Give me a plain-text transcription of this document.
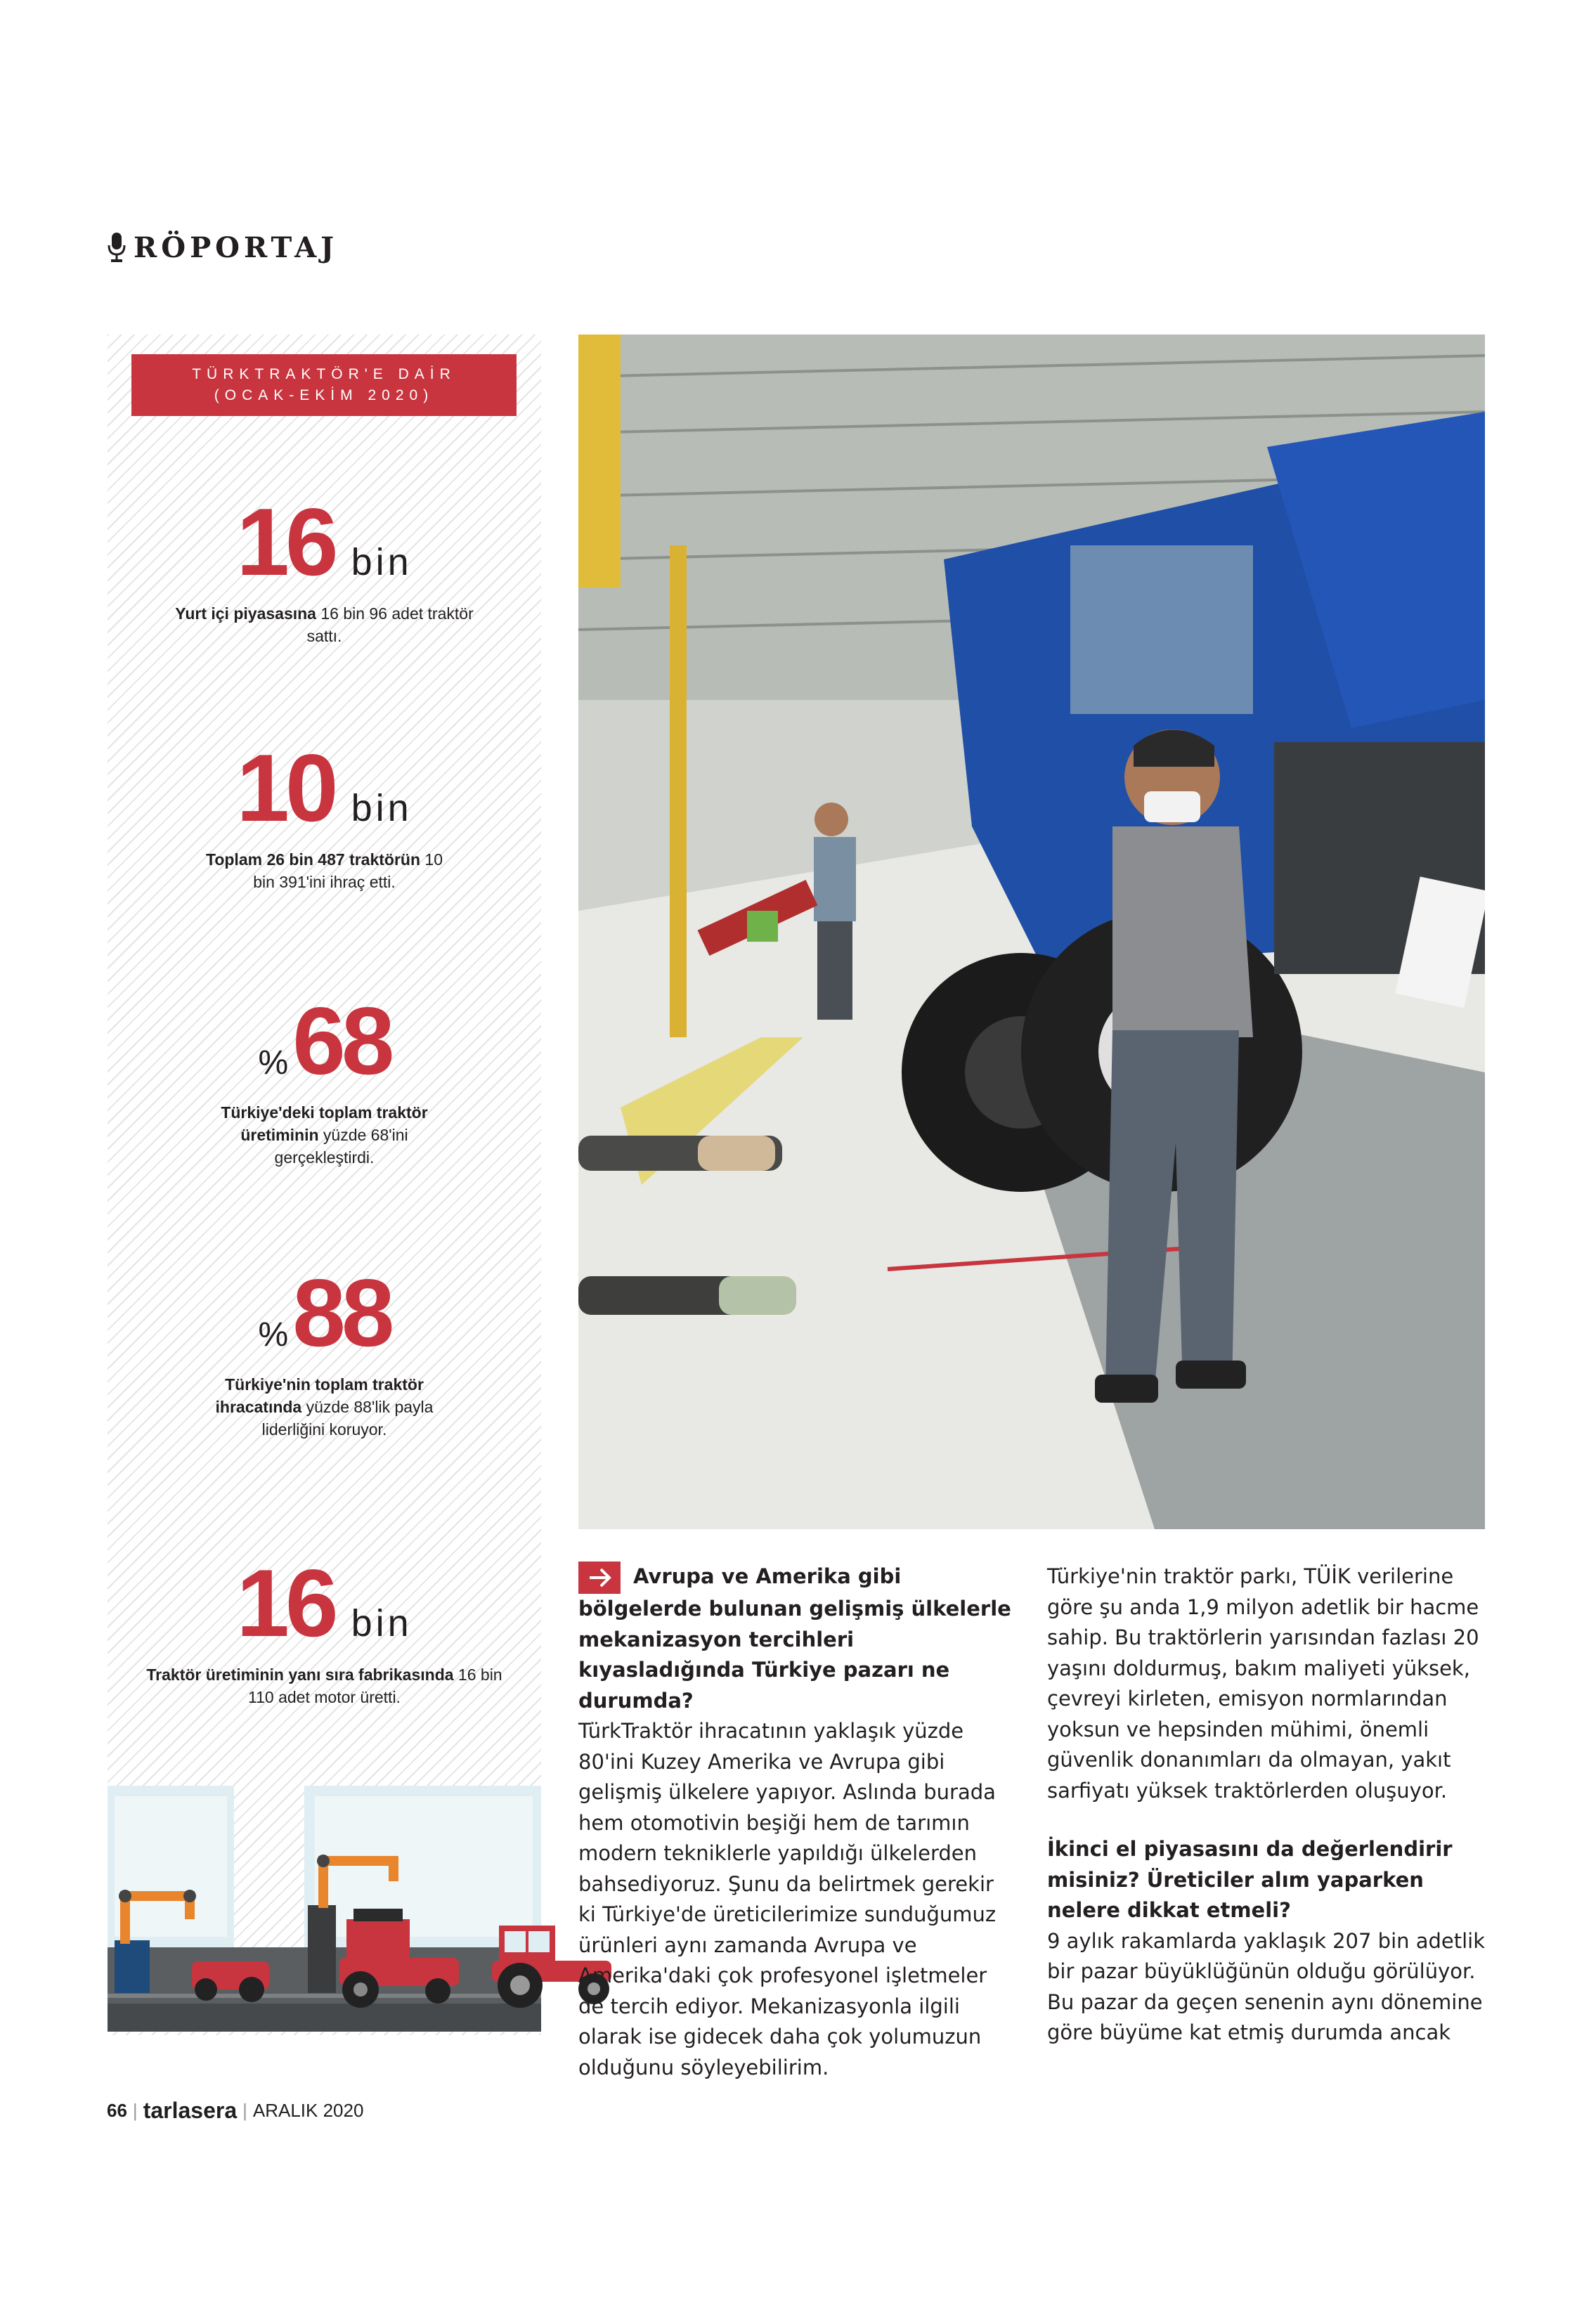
RÖPORTAJ
TÜRKTRAKTÖR'E DAİR
(OCAK-EKİM 2020)
16 bin
Yurt içi piyasasına 16 bin 96 adet traktör sattı.
10 bin
Toplam 26 bin 487 traktörün 10 bin 391'ini ihraç etti.
% 68
Türkiye'deki toplam traktör üretiminin yüzde 68'ini gerçekleştirdi.
% 88
Türkiye'nin toplam traktör ihracatında yüzde 88'lik payla liderliğini koruyor.
16 bin
Traktör üretiminin yanı sıra fabrikasında 16 bin 110 adet motor üretti.

Avrupa ve Amerika gibi bölgelerde bulunan gelişmiş ülkelerle mekanizasyon tercihleri kıyasladığında Türkiye pazarı ne durumda?

TürkTraktör ihracatının yaklaşık yüzde 80'ini Kuzey Amerika ve Avrupa gibi gelişmiş ülkelere yapıyor. Aslında burada hem otomotivin beşiği hem de tarımın modern tekniklerle yapıldığı ülkelerden bahsediyoruz. Şunu da belirtmek gerekir ki Türkiye'de üreticilerimize sunduğumuz ürünleri aynı zamanda Avrupa ve Amerika'daki çok profesyonel işletmeler de tercih ediyor. Mekanizasyonla ilgili olarak ise gidecek daha çok yolumuzun olduğunu söyleyebilirim.

Türkiye'nin traktör parkı, TÜİK verilerine göre şu anda 1,9 milyon adetlik bir hacme sahip. Bu traktörlerin yarısından fazlası 20 yaşını doldurmuş, bakım maliyeti yüksek, çevreyi kirleten, emisyon normlarından yoksun ve hepsinden mühimi, önemli güvenlik donanımları da olmayan, yakıt sarfiyatı yüksek traktörlerden oluşuyor.

İkinci el piyasasını da değerlendirir misiniz? Üreticiler alım yaparken nelere dikkat etmeli?

9 aylık rakamlarda yaklaşık 207 bin adetlik bir pazar büyüklüğünün olduğu görülüyor. Bu pazar da geçen senenin aynı dönemine göre büyüme kat etmiş durumda ancak

66 | tarlasera | ARALIK 2020
